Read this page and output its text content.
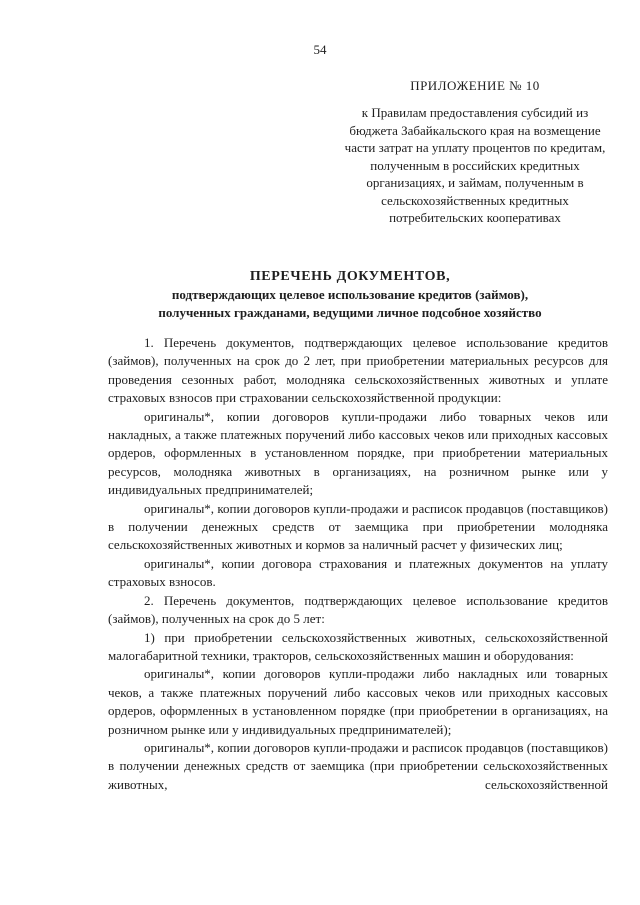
54
ПРИЛОЖЕНИЕ № 10
к Правилам предоставления субсидий из бюджета Забайкальского края на возмещение части затрат на уплату процентов по кредитам, полученным в российских кредитных организациях, и займам, полученным в сельскохозяйственных кредитных потребительских кооперативах
ПЕРЕЧЕНЬ ДОКУМЕНТОВ,
подтверждающих целевое использование кредитов (займов),
полученных гражданами, ведущими личное подсобное хозяйство

1. Перечень документов, подтверждающих целевое использование кредитов (займов), полученных на срок до 2 лет, при приобретении материальных ресурсов для проведения сезонных работ, молодняка сельскохозяйственных животных и уплате страховых взносов при страховании сельскохозяйственной продукции:

оригиналы*, копии договоров купли-продажи либо товарных чеков или накладных, а также платежных поручений либо кассовых чеков или приходных кассовых ордеров, оформленных в установленном порядке, при приобретении материальных ресурсов, молодняка животных в организациях, на розничном рынке или у индивидуальных предпринимателей;

оригиналы*, копии договоров купли-продажи и расписок продавцов (поставщиков) в получении денежных средств от заемщика при приобретении молодняка сельскохозяйственных животных и кормов за наличный расчет у физических лиц;

оригиналы*, копии договора страхования и платежных документов на уплату страховых взносов.

2. Перечень документов, подтверждающих целевое использование кредитов (займов), полученных на срок до 5 лет:

1) при приобретении сельскохозяйственных животных, сельскохозяйственной малогабаритной техники, тракторов, сельскохозяйственных машин и оборудования:

оригиналы*, копии договоров купли-продажи либо накладных или товарных чеков, а также платежных поручений либо кассовых чеков или приходных кассовых ордеров, оформленных в установленном порядке (при приобретении в организациях, на розничном рынке или у индивидуальных предпринимателей);

оригиналы*, копии договоров купли-продажи и расписок продавцов (поставщиков) в получении денежных средств от заемщика (при приобретении сельскохозяйственных животных, сельскохозяйственной
